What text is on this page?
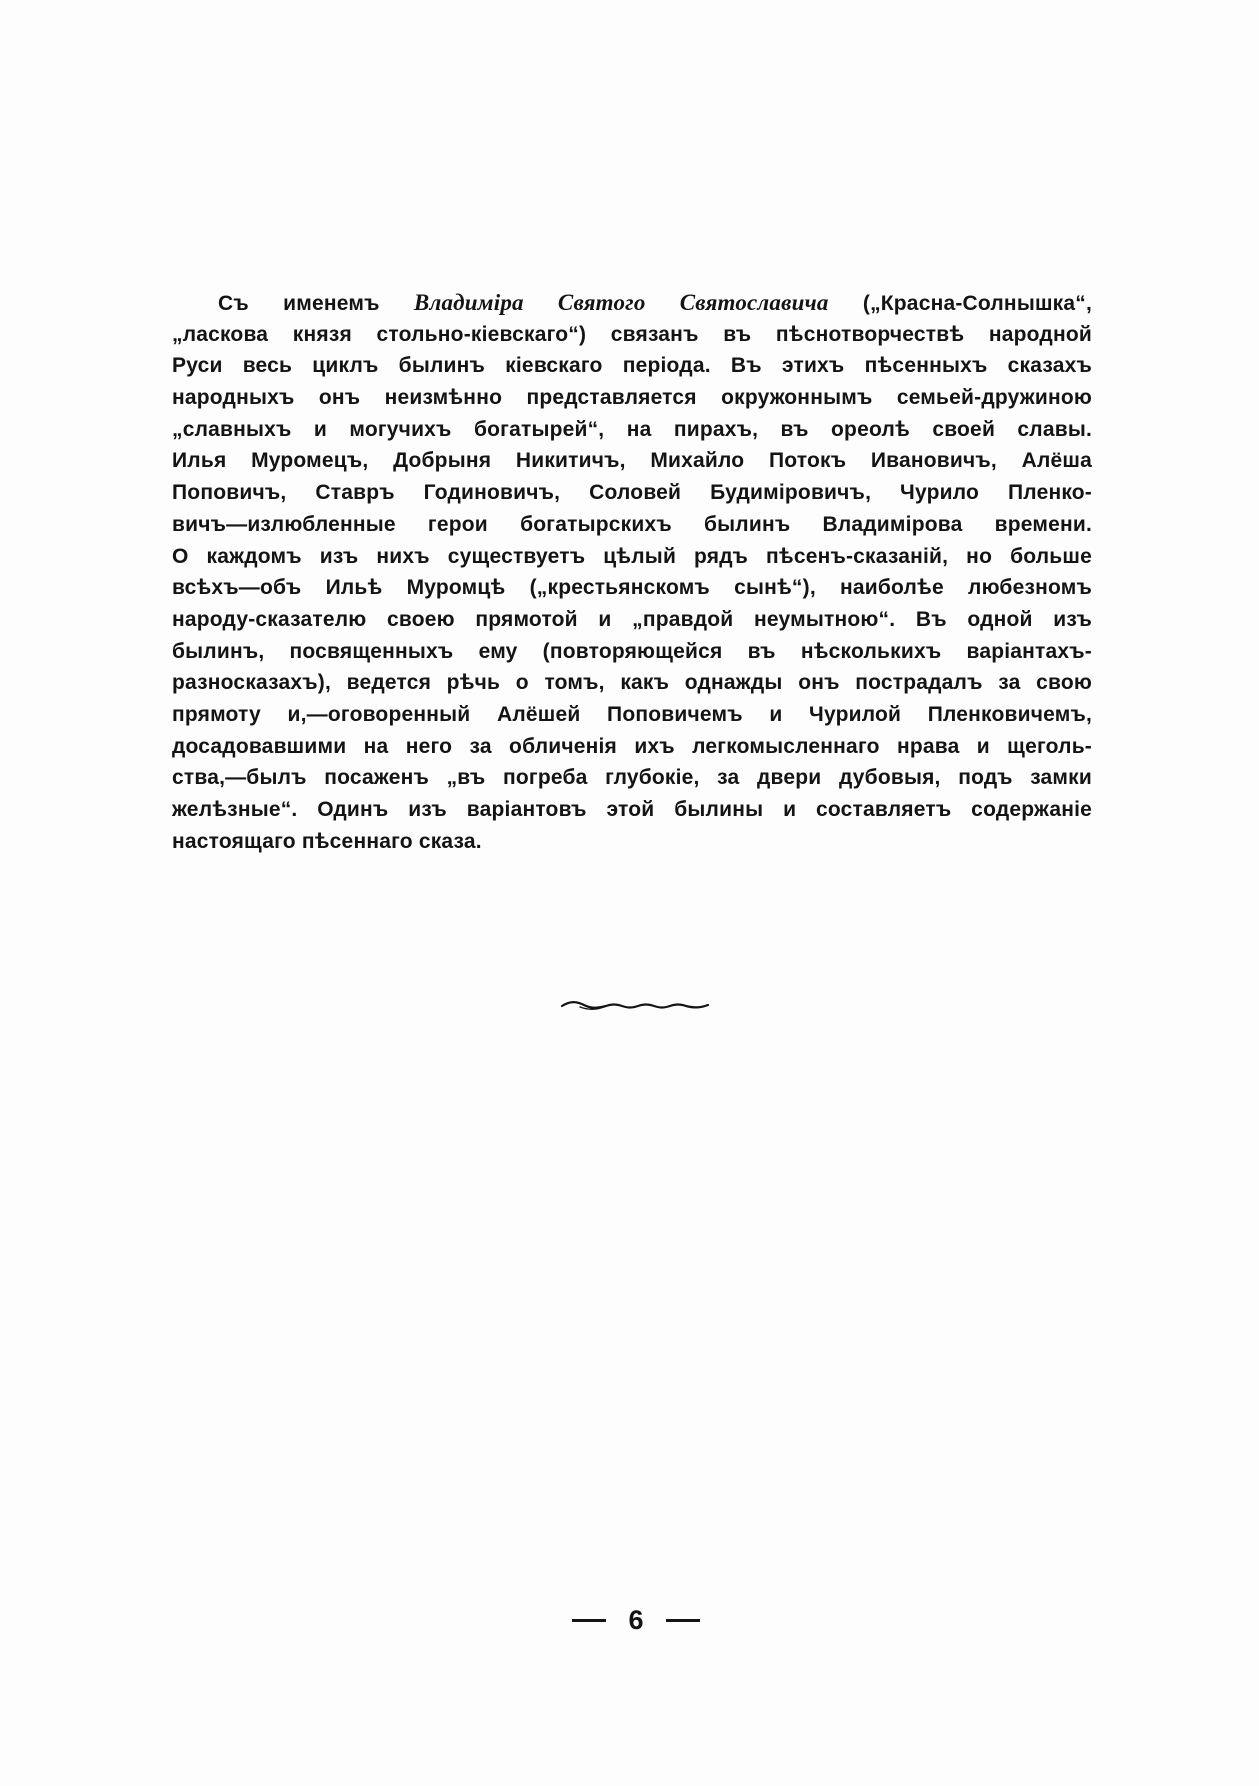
Съ именемъ Владимiра Святого Святославича („Красна-Солнышка“,
„ласкова князя стольно-кiевскаго“) связанъ въ пѣснотворчествѣ народной
Руси весь циклъ былинъ кiевскаго перiода. Въ этихъ пѣсенныхъ сказахъ
народныхъ онъ неизмѣнно представляется окружоннымъ семьей-дружиною
„славныхъ и могучихъ богатырей“, на пирахъ, въ ореолѣ своей славы.
Илья Муромецъ, Добрыня Никитичъ, Михайло Потокъ Ивановичъ, Алёша
Поповичъ, Ставръ Годиновичъ, Соловей Будимiровичъ, Чурило Пленко-
вичъ—излюбленные герои богатырскихъ былинъ Владимiрова времени.
О каждомъ изъ нихъ существуетъ цѣлый рядъ пѣсенъ-сказанiй, но больше
всѣхъ—объ Ильѣ Муромцѣ („крестьянскомъ сынѣ“), наиболѣе любезномъ
народу-сказателю своею прямотой и „правдой неумытною“. Въ одной изъ
былинъ, посвященныхъ ему (повторяющейся въ нѣсколькихъ варiантахъ-
разносказахъ), ведется рѣчь о томъ, какъ однажды онъ пострадалъ за свою
прямоту и,—оговоренный Алёшей Поповичемъ и Чурилой Пленковичемъ,
досадовавшими на него за обличенiя ихъ легкомысленнаго нрава и щеголь-
ства,—былъ посаженъ „въ погреба глубокiе, за двери дубовыя, подъ замки
желѣзные“. Одинъ изъ варiантовъ этой былины и составляетъ содержанiе
настоящаго пѣсеннаго сказа.
6
